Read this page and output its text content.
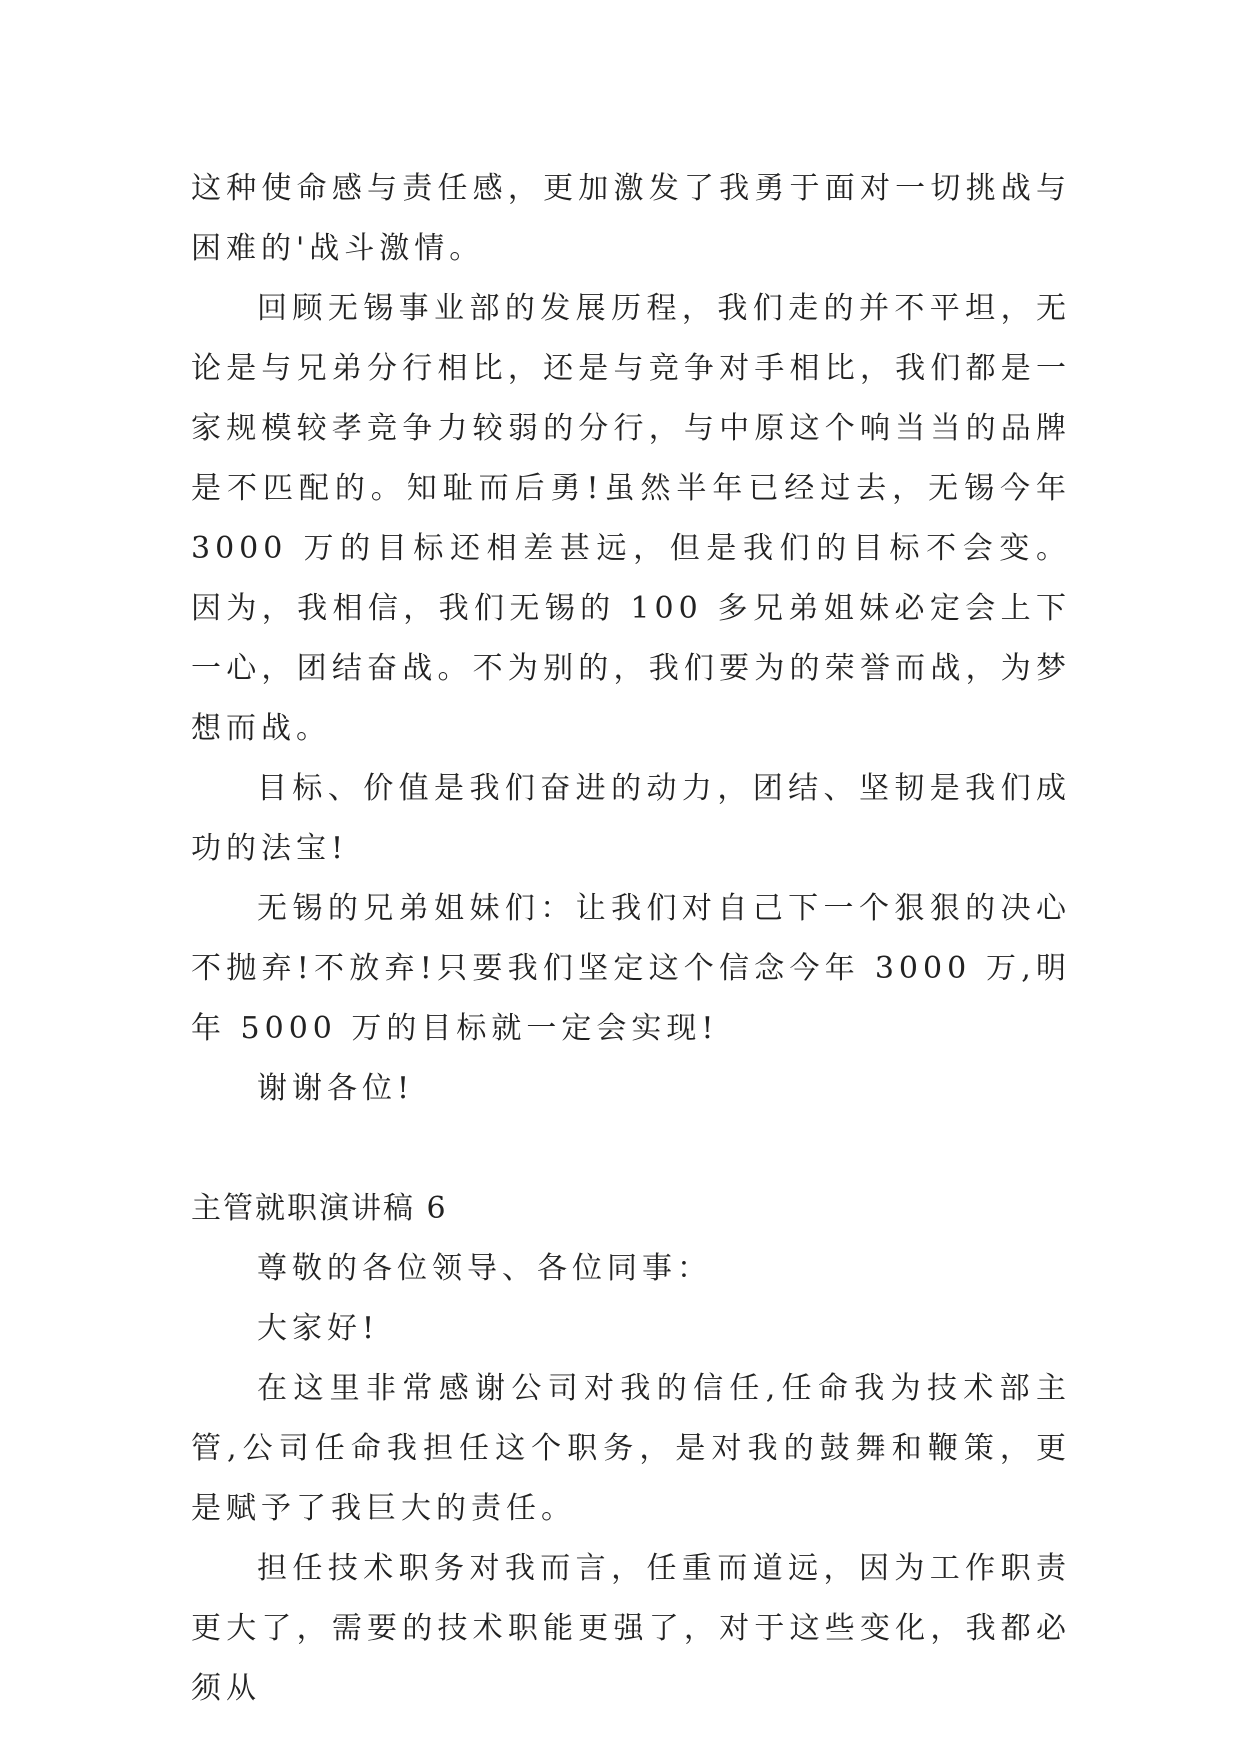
这种使命感与责任感，更加激发了我勇于面对一切挑战与困难的'战斗激情。

回顾无锡事业部的发展历程，我们走的并不平坦，无论是与兄弟分行相比，还是与竞争对手相比，我们都是一家规模较孝竞争力较弱的分行，与中原这个响当当的品牌是不匹配的。知耻而后勇!虽然半年已经过去，无锡今年 3000 万的目标还相差甚远，但是我们的目标不会变。因为，我相信，我们无锡的 100 多兄弟姐妹必定会上下一心，团结奋战。不为别的，我们要为的荣誉而战，为梦想而战。

目标、价值是我们奋进的动力，团结、坚韧是我们成功的法宝!

无锡的兄弟姐妹们：让我们对自己下一个狠狠的决心不抛弃!不放弃!只要我们坚定这个信念今年 3000 万,明年 5000 万的目标就一定会实现!

谢谢各位!

主管就职演讲稿 6

尊敬的各位领导、各位同事：

大家好!

在这里非常感谢公司对我的信任,任命我为技术部主管,公司任命我担任这个职务，是对我的鼓舞和鞭策，更是赋予了我巨大的责任。

担任技术职务对我而言，任重而道远，因为工作职责更大了，需要的技术职能更强了，对于这些变化，我都必须从
